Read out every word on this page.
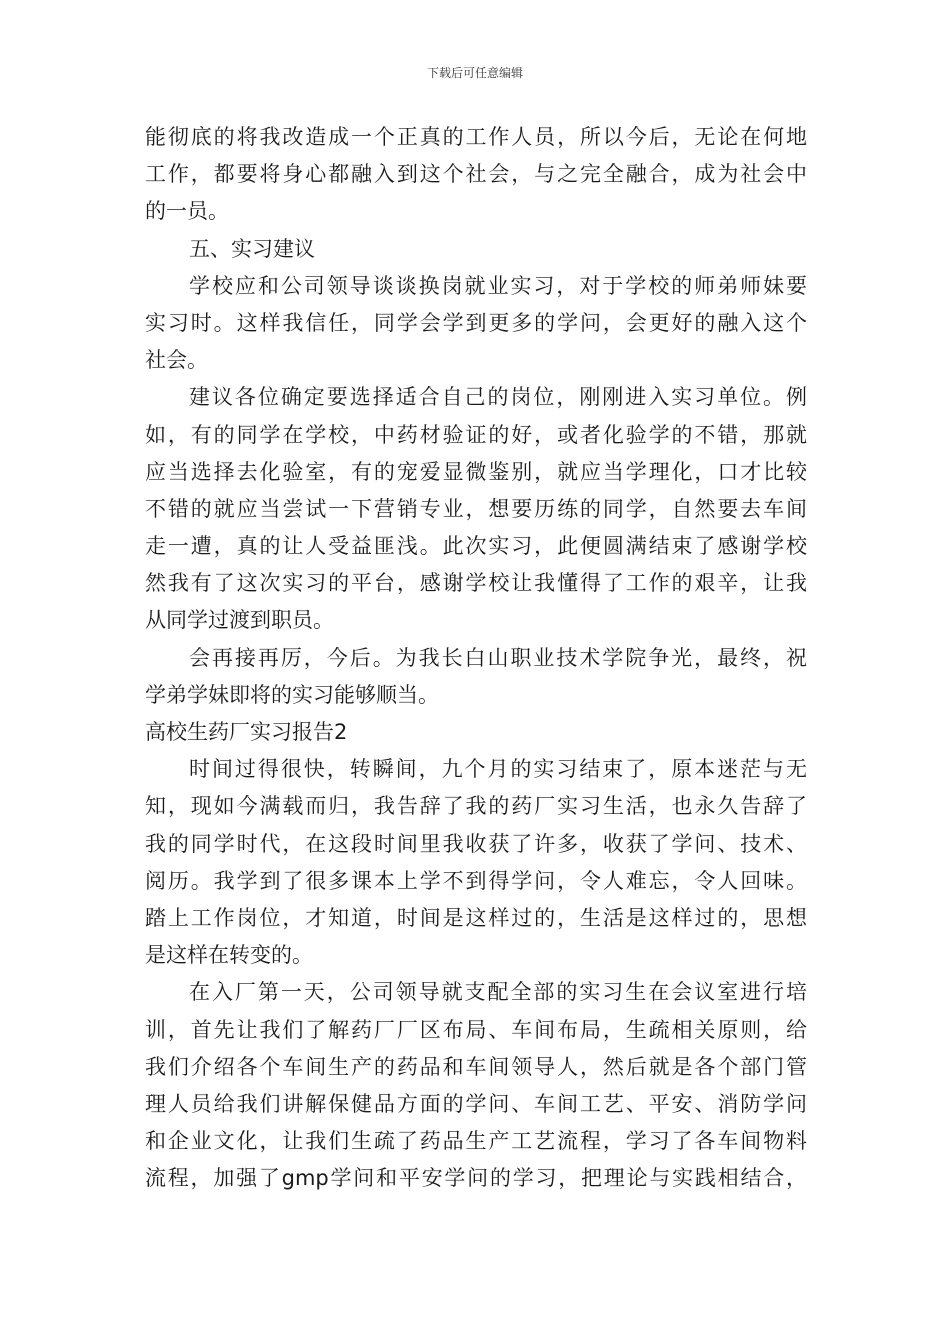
下载后可任意编辑
能彻底的将我改造成一个正真的工作人员，所以今后，无论在何地
工作，都要将身心都融入到这个社会，与之完全融合，成为社会中
的一员。
五、实习建议
学校应和公司领导谈谈换岗就业实习，对于学校的师弟师妹要
实习时。这样我信任，同学会学到更多的学问，会更好的融入这个
社会。
建议各位确定要选择适合自己的岗位，刚刚进入实习单位。例
如，有的同学在学校，中药材验证的好，或者化验学的不错，那就
应当选择去化验室，有的宠爱显微鉴别，就应当学理化，口才比较
不错的就应当尝试一下营销专业，想要历练的同学，自然要去车间
走一遭，真的让人受益匪浅。此次实习，此便圆满结束了感谢学校
然我有了这次实习的平台，感谢学校让我懂得了工作的艰辛，让我
从同学过渡到职员。
会再接再厉，今后。为我长白山职业技术学院争光，最终，祝
学弟学妹即将的实习能够顺当。
高校生药厂实习报告2
时间过得很快，转瞬间，九个月的实习结束了，原本迷茫与无
知，现如今满载而归，我告辞了我的药厂实习生活，也永久告辞了
我的同学时代，在这段时间里我收获了许多，收获了学问、技术、
阅历。我学到了很多课本上学不到得学问，令人难忘，令人回味。
踏上工作岗位，才知道，时间是这样过的，生活是这样过的，思想
是这样在转变的。
在入厂第一天，公司领导就支配全部的实习生在会议室进行培
训，首先让我们了解药厂厂区布局、车间布局，生疏相关原则，给
我们介绍各个车间生产的药品和车间领导人，然后就是各个部门管
理人员给我们讲解保健品方面的学问、车间工艺、平安、消防学问
和企业文化，让我们生疏了药品生产工艺流程，学习了各车间物料
流程，加强了gmp学问和平安学问的学习，把理论与实践相结合，
